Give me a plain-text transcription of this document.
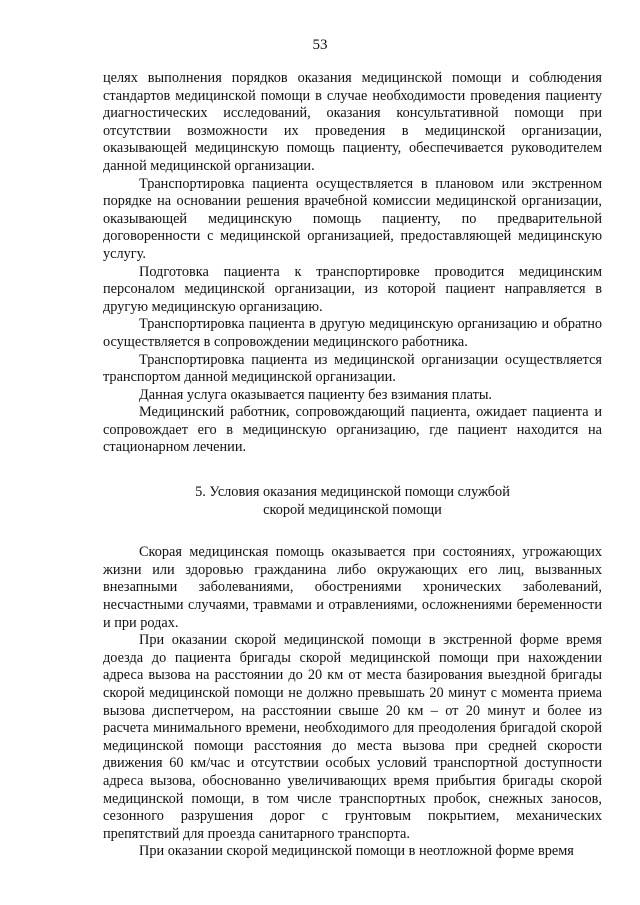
53

целях выполнения порядков оказания медицинской помощи и соблюдения стандартов медицинской помощи в случае необходимости проведения пациенту диагностических исследований, оказания консультативной помощи при отсутствии возможности их проведения в медицинской организации, оказывающей медицинскую помощь пациенту, обеспечивается руководителем данной медицинской организации.

Транспортировка пациента осуществляется в плановом или экстренном порядке на основании решения врачебной комиссии медицинской организации, оказывающей медицинскую помощь пациенту, по предварительной договоренности с медицинской организацией, предоставляющей медицинскую услугу.

Подготовка пациента к транспортировке проводится медицинским персоналом медицинской организации, из которой пациент направляется в другую медицинскую организацию.

Транспортировка пациента в другую медицинскую организацию и обратно осуществляется в сопровождении медицинского работника.

Транспортировка пациента из медицинской организации осуществляется транспортом данной медицинской организации.

Данная услуга оказывается пациенту без взимания платы.

Медицинский работник, сопровождающий пациента, ожидает пациента и сопровождает его в медицинскую организацию, где пациент находится на стационарном лечении.

5. Условия оказания медицинской помощи службой
скорой медицинской помощи

Скорая медицинская помощь оказывается при состояниях, угрожающих жизни или здоровью гражданина либо окружающих его лиц, вызванных внезапными заболеваниями, обострениями хронических заболеваний, несчастными случаями, травмами и отравлениями, осложнениями беременности и при родах.

При оказании скорой медицинской помощи в экстренной форме время доезда до пациента бригады скорой медицинской помощи при нахождении адреса вызова на расстоянии до 20 км от места базирования выездной бригады скорой медицинской помощи не должно превышать 20 минут с момента приема вызова диспетчером, на расстоянии свыше 20 км – от 20 минут и более из расчета минимального времени, необходимого для преодоления бригадой скорой медицинской помощи расстояния до места вызова при средней скорости движения 60 км/час и отсутствии особых условий транспортной доступности адреса вызова, обоснованно увеличивающих время прибытия бригады скорой медицинской помощи, в том числе транспортных пробок, снежных заносов, сезонного разрушения дорог с грунтовым покрытием, механических препятствий для проезда санитарного транспорта.

При оказании скорой медицинской помощи в неотложной форме время
